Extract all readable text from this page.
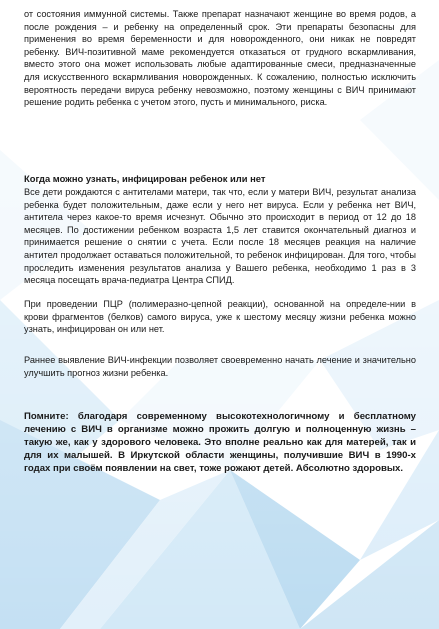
от состояния иммунной системы. Также препарат назначают женщине во время родов, а после рождения – и ребенку на определенный срок. Эти препараты безопасны для применения во время беременности и для новорожденного, они никак не повредят ребенку. ВИЧ-позитивной маме рекомендуется отказаться от грудного вскармливания, вместо этого она может использовать любые адаптированные смеси, предназначенные для искусственного вскармливания новорожденных. К сожалению, полностью исключить вероятность передачи вируса ребенку невозможно, поэтому женщины с ВИЧ принимают решение родить ребенка с учетом этого, пусть и минимального, риска.

Когда можно узнать, инфицирован ребенок или нет

Все дети рождаются с антителами матери, так что, если у матери ВИЧ, результат анализа ребенка будет положительным, даже если у него нет вируса. Если у ребенка нет ВИЧ, антитела через какое-то время исчезнут. Обычно это происходит в период от 12 до 18 месяцев. По достижении ребенком возраста 1,5 лет ставится окончательный диагноз и принимается решение о снятии с учета. Если после 18 месяцев реакция на наличие антител продолжает оставаться положительной, то ребенок инфицирован. Для того, чтобы проследить изменения результатов анализа у Вашего ребенка, необходимо 1 раз в 3 месяца посещать врача-педиатра Центра СПИД.

При проведении ПЦР (полимеразно-цепной реакции), основанной на определе-нии в крови фрагментов (белков) самого вируса, уже к шестому месяцу жизни ребенка можно узнать, инфицирован он или нет.

Раннее выявление ВИЧ-инфекции позволяет своевременно начать лечение и значительно улучшить прогноз жизни ребенка.

Помните: благодаря современному высокотехнологичному и бесплатному лечению с ВИЧ в организме можно прожить долгую и полноценную жизнь – такую же, как у здорового человека. Это вполне реально как для матерей, так и для их малышей. В Иркутской области женщины, получившие ВИЧ в 1990-х годах при своём появлении на свет, тоже рожают детей. Абсолютно здоровых.
